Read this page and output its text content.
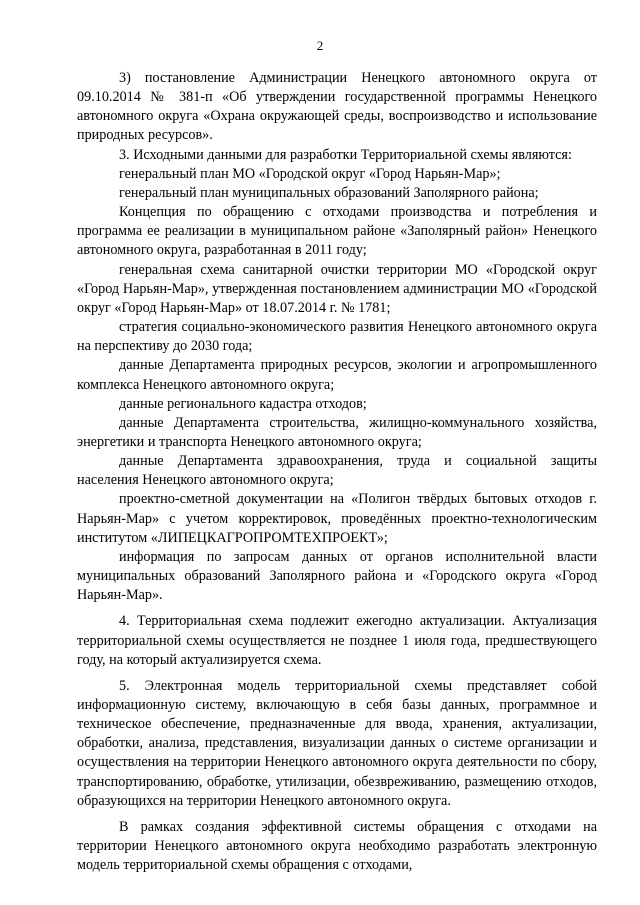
2

3) постановление Администрации Ненецкого автономного округа от 09.10.2014 № 381-п «Об утверждении государственной программы Ненецкого автономного округа «Охрана окружающей среды, воспроизводство и использование природных ресурсов».

3. Исходными данными для разработки Территориальной схемы являются:

генеральный план МО «Городской округ «Город Нарьян-Мар»;

генеральный план муниципальных образований Заполярного района;

Концепция по обращению с отходами производства и потребления и программа ее реализации в муниципальном районе «Заполярный район» Ненецкого автономного округа, разработанная в 2011 году;

генеральная схема санитарной очистки территории МО «Городской округ «Город Нарьян-Мар», утвержденная постановлением администрации МО «Городской округ «Город Нарьян-Мар» от 18.07.2014 г. № 1781;

стратегия социально-экономического развития Ненецкого автономного округа на перспективу до 2030 года;

данные Департамента природных ресурсов, экологии и агропромышленного комплекса Ненецкого автономного округа;

данные регионального кадастра отходов;

данные Департамента строительства, жилищно-коммунального хозяйства, энергетики и транспорта Ненецкого автономного округа;

данные Департамента здравоохранения, труда и социальной защиты населения Ненецкого автономного округа;

проектно-сметной документации на «Полигон твёрдых бытовых отходов г. Нарьян-Мар» с учетом корректировок, проведённых проектно-технологическим институтом «ЛИПЕЦКАГРОПРОМТЕХПРОЕКТ»;

информация по запросам данных от органов исполнительной власти муниципальных образований Заполярного района и «Городского округа «Город Нарьян-Мар».

4. Территориальная схема подлежит ежегодно актуализации. Актуализация территориальной схемы осуществляется не позднее 1 июля года, предшествующего году, на который актуализируется схема.

5. Электронная модель территориальной схемы представляет собой информационную систему, включающую в себя базы данных, программное и техническое обеспечение, предназначенные для ввода, хранения, актуализации, обработки, анализа, представления, визуализации данных о системе организации и осуществления на территории Ненецкого автономного округа деятельности по сбору, транспортированию, обработке, утилизации, обезвреживанию, размещению отходов, образующихся на территории Ненецкого автономного округа.

В рамках создания эффективной системы обращения с отходами на территории Ненецкого автономного округа необходимо разработать электронную модель территориальной схемы обращения с отходами,
